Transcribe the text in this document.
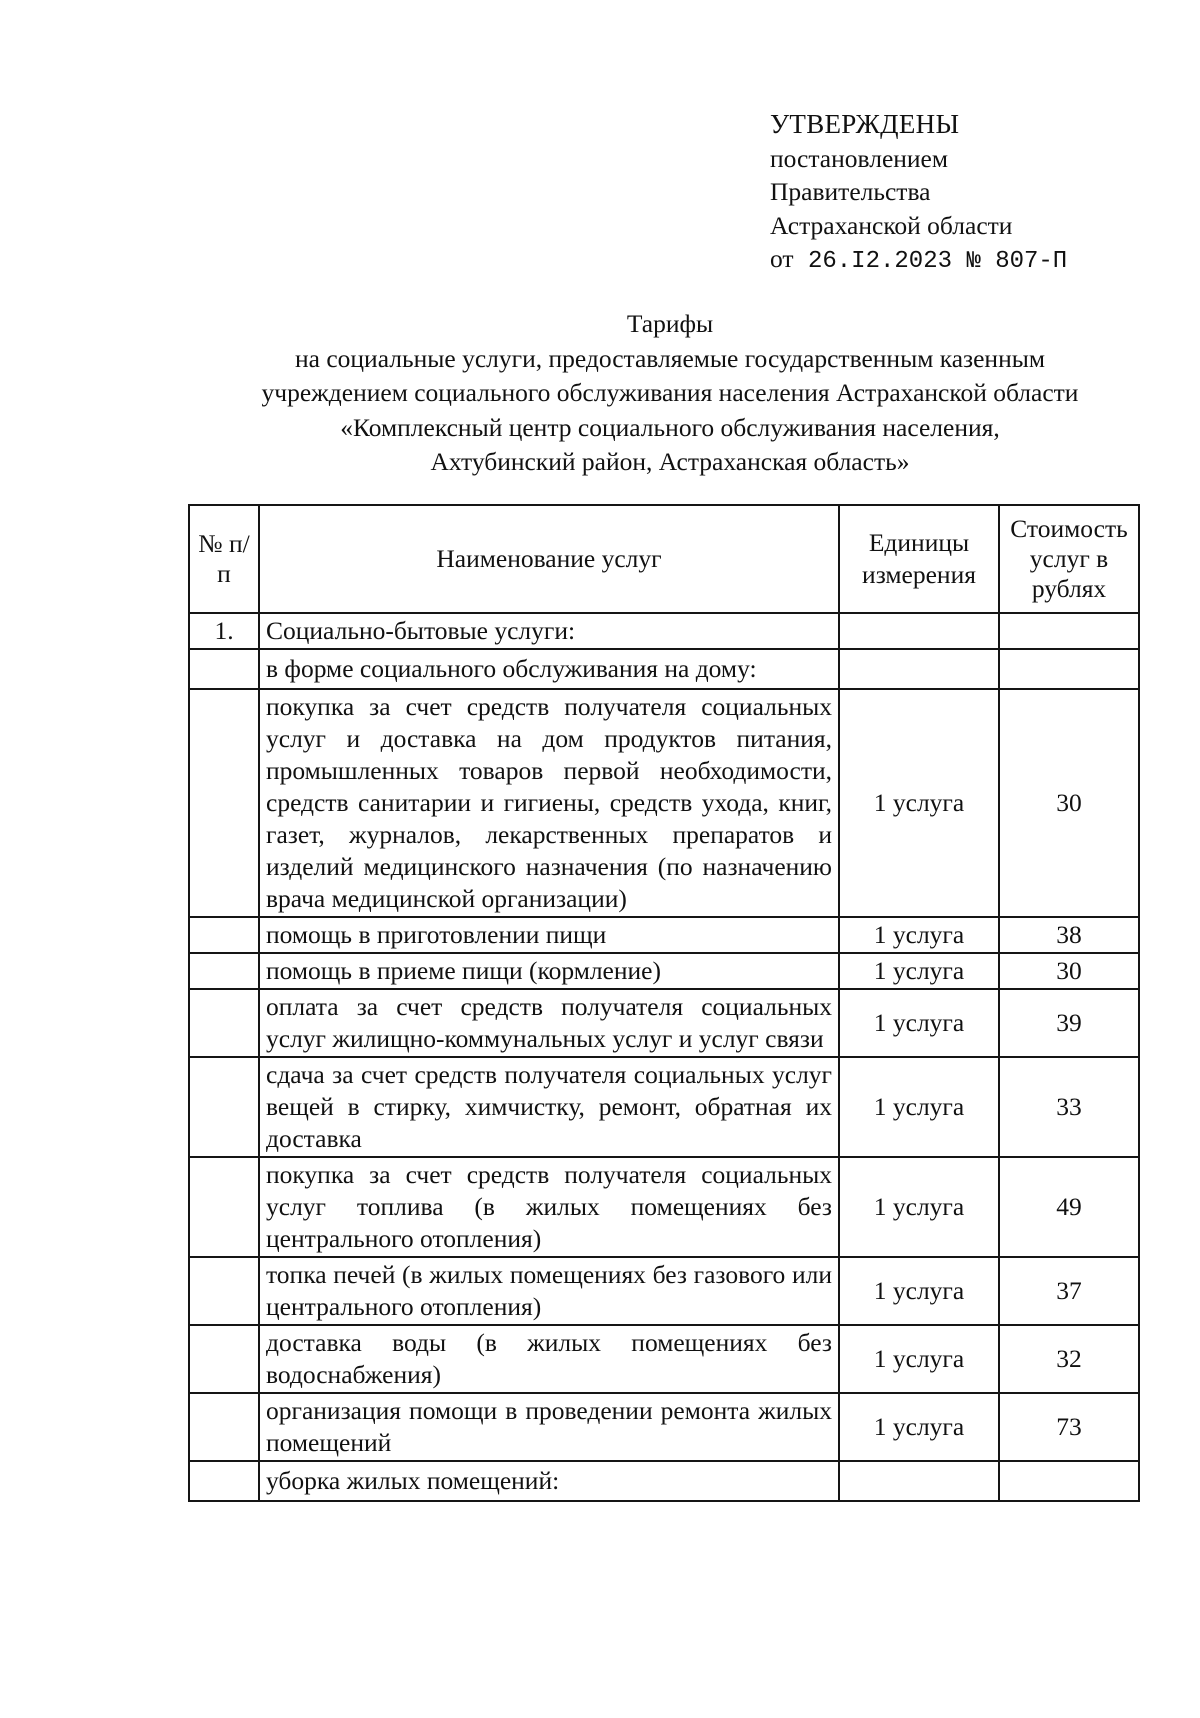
УТВЕРЖДЕНЫ
постановлением
Правительства
Астраханской области
от 26.I2.2023 № 807-П
Тарифы
на социальные услуги, предоставляемые государственным казенным
учреждением социального обслуживания населения Астраханской области
«Комплексный центр социального обслуживания населения,
Ахтубинский район, Астраханская область»
№ п/п	Наименование услуг	Единицы измерения	Стоимость услуг в рублях
1.	Социально-бытовые услуги:		
	в форме социального обслуживания на дому:		
	покупка за счет средств получателя социальных услуг и доставка на дом продуктов питания, промышленных товаров первой необходимости, средств санитарии и гигиены, средств ухода, книг, газет, журналов, лекарственных препаратов и изделий медицинского назначения (по назначению врача медицинской организации)	1 услуга	30
	помощь в приготовлении пищи	1 услуга	38
	помощь в приеме пищи (кормление)	1 услуга	30
	оплата за счет средств получателя социальных услуг жилищно-коммунальных услуг и услуг связи	1 услуга	39
	сдача за счет средств получателя социальных услуг вещей в стирку, химчистку, ремонт, обратная их доставка	1 услуга	33
	покупка за счет средств получателя социальных услуг топлива (в жилых помещениях без центрального отопления)	1 услуга	49
	топка печей (в жилых помещениях без газового или центрального отопления)	1 услуга	37
	доставка воды (в жилых помещениях без водоснабжения)	1 услуга	32
	организация помощи в проведении ремонта жилых помещений	1 услуга	73
	уборка жилых помещений:		
